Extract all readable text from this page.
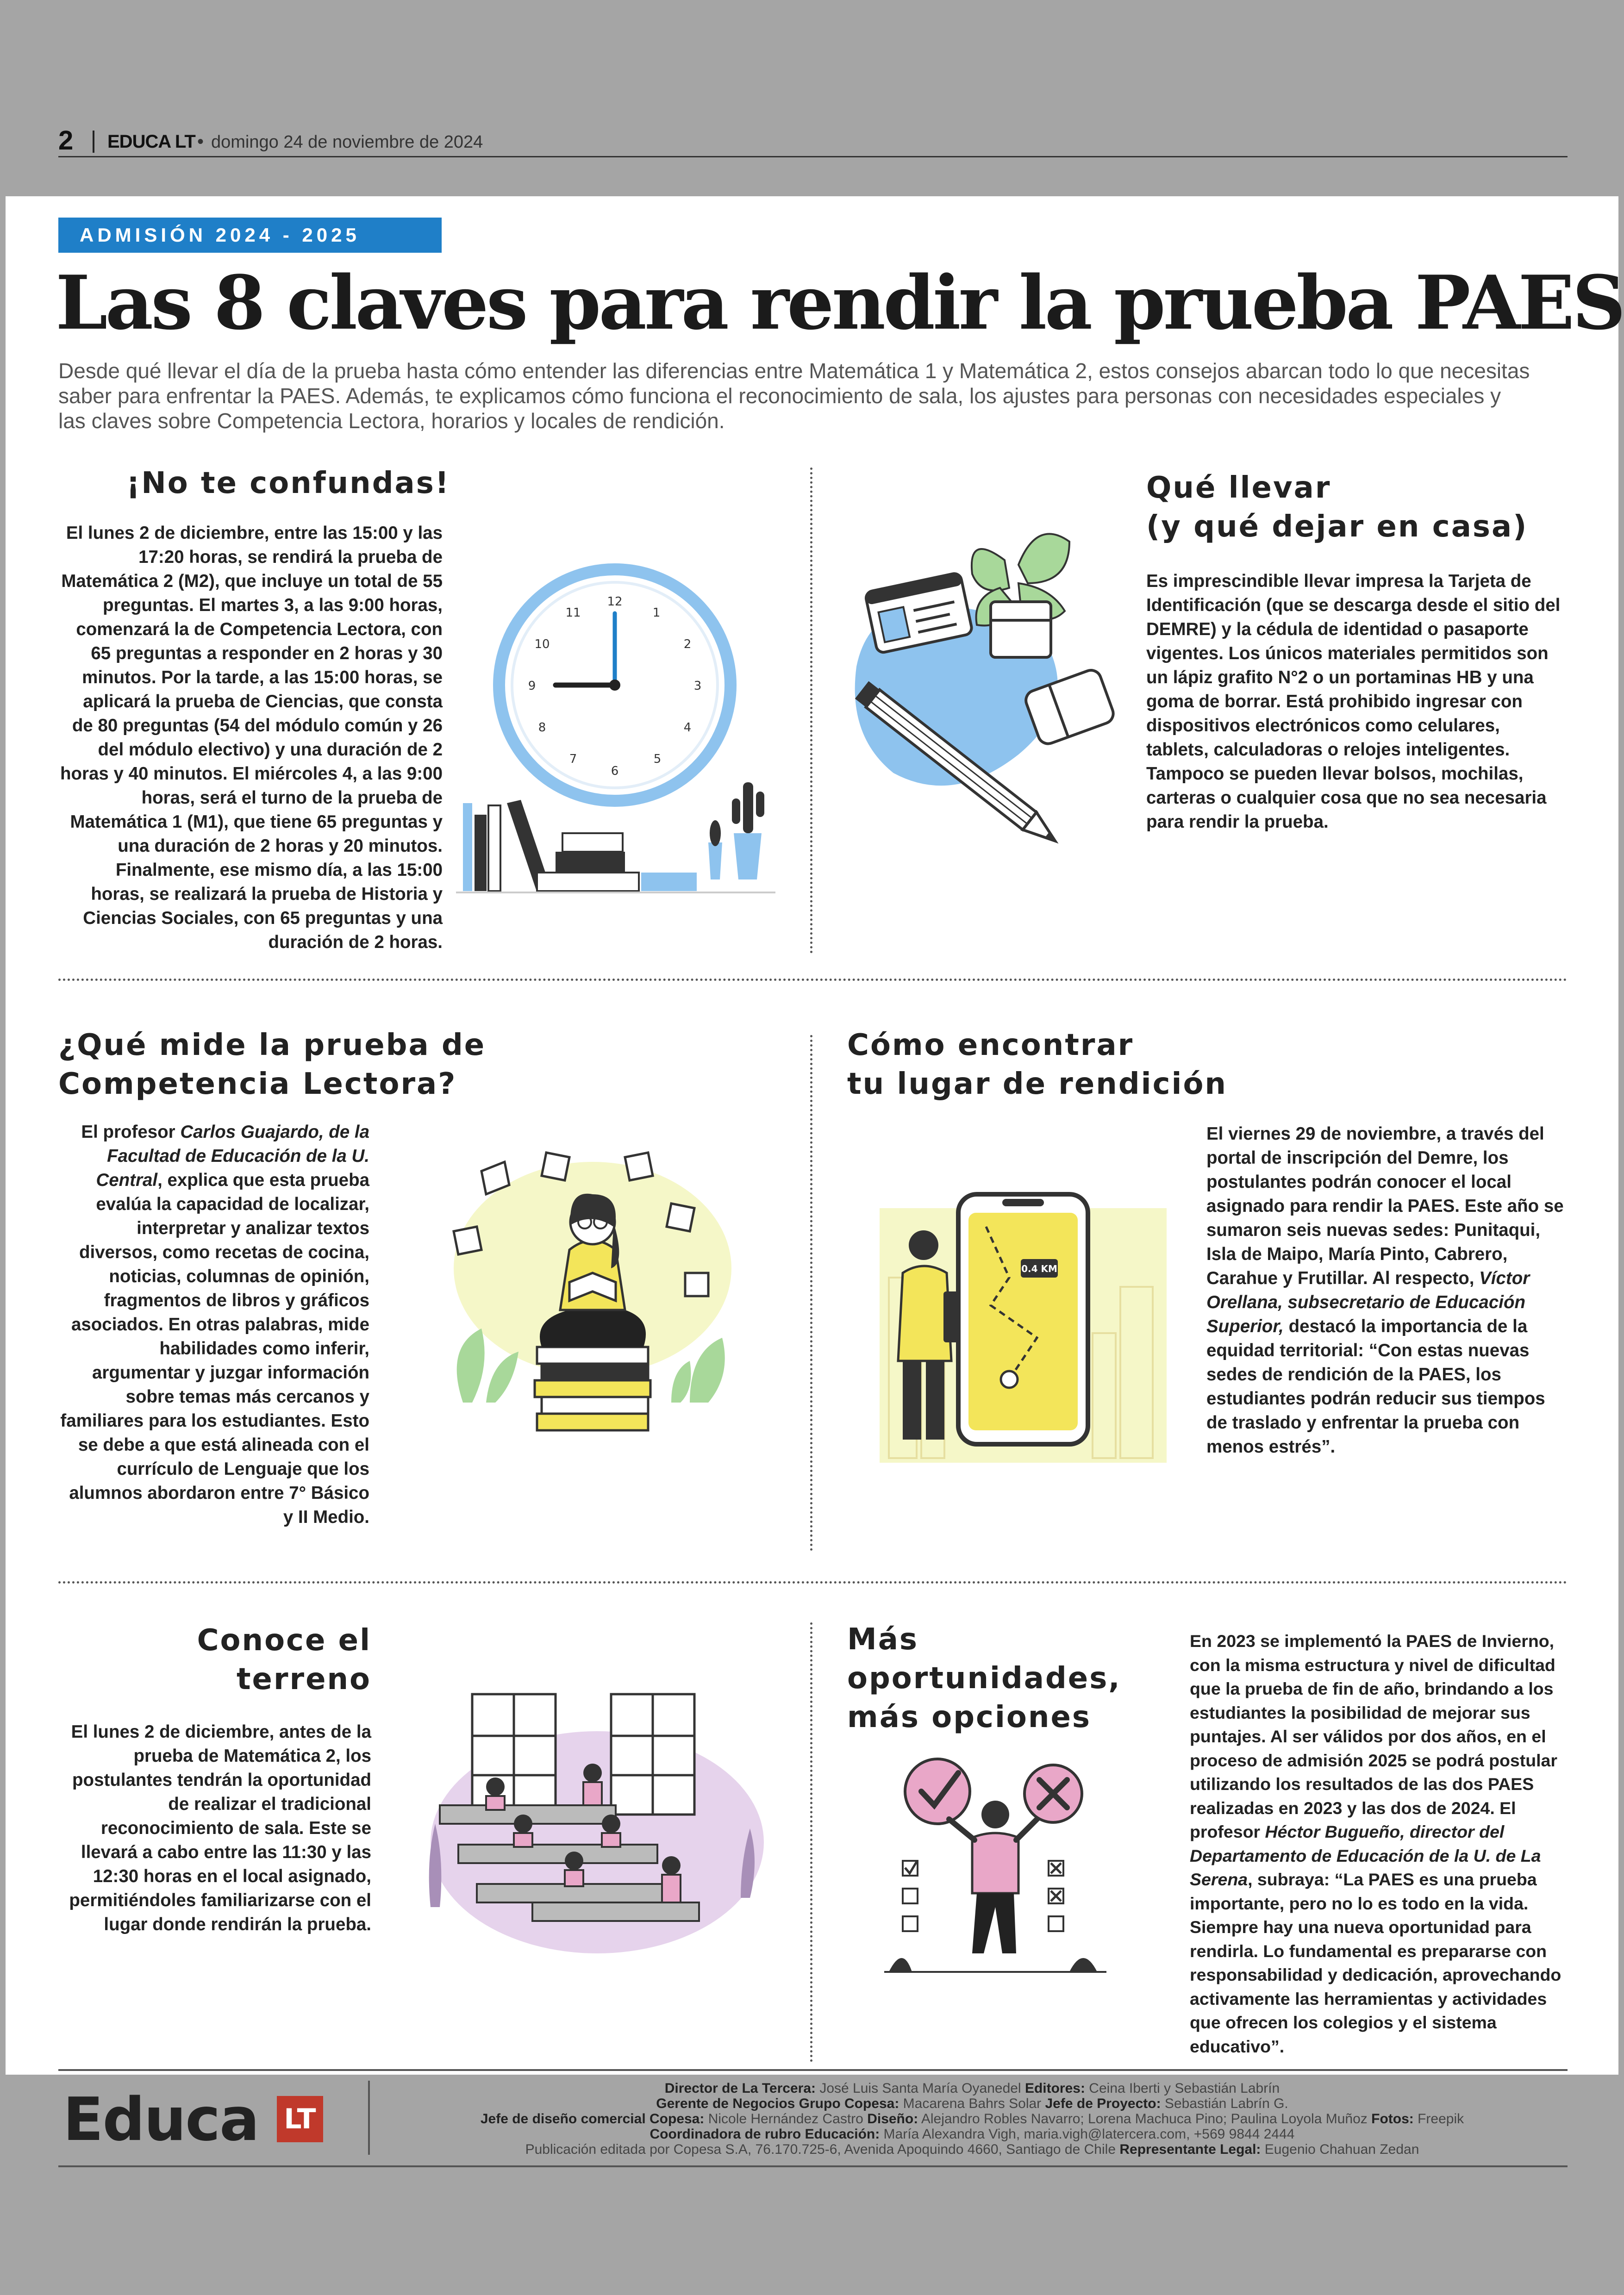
2 EDUCA LT • domingo 24 de noviembre de 2024
ADMISIÓN 2024 - 2025
Las 8 claves para rendir la prueba PAES
Desde qué llevar el día de la prueba hasta cómo entender las diferencias entre Matemática 1 y Matemática 2, estos consejos abarcan todo lo que necesitas saber para enfrentar la PAES. Además, te explicamos cómo funciona el reconocimiento de sala, los ajustes para personas con necesidades especiales y las claves sobre Competencia Lectora, horarios y locales de rendición.
¡No te confundas!
El lunes 2 de diciembre, entre las 15:00 y las 17:20 horas, se rendirá la prueba de Matemática 2 (M2), que incluye un total de 55 preguntas. El martes 3, a las 9:00 horas, comenzará la de Competencia Lectora, con 65 preguntas a responder en 2 horas y 30 minutos. Por la tarde, a las 15:00 horas, se aplicará la prueba de Ciencias, que consta de 80 preguntas (54 del módulo común y 26 del módulo electivo) y una duración de 2 horas y 40 minutos. El miércoles 4, a las 9:00 horas, será el turno de la prueba de Matemática 1 (M1), que tiene 65 preguntas y una duración de 2 horas y 20 minutos. Finalmente, ese mismo día, a las 15:00 horas, se realizará la prueba de Historia y Ciencias Sociales, con 65 preguntas y una duración de 2 horas.
12
1
2
3
4
5
6
7
8
9
10
11
Qué llevar
(y qué dejar en casa)
Es imprescindible llevar impresa la Tarjeta de Identificación (que se descarga desde el sitio del DEMRE) y la cédula de identidad o pasaporte vigentes. Los únicos materiales permitidos son un lápiz grafito N°2 o un portaminas HB y una goma de borrar. Está prohibido ingresar con dispositivos electrónicos como celulares, tablets, calculadoras o relojes inteligentes. Tampoco se pueden llevar bolsos, mochilas, carteras o cualquier cosa que no sea necesaria para rendir la prueba.
¿Qué mide la prueba de
Competencia Lectora?
El profesor Carlos Guajardo, de la Facultad de Educación de la U. Central, explica que esta prueba evalúa la capacidad de localizar, interpretar y analizar textos diversos, como recetas de cocina, noticias, columnas de opinión, fragmentos de libros y gráficos asociados. En otras palabras, mide habilidades como inferir, argumentar y juzgar información sobre temas más cercanos y familiares para los estudiantes. Esto se debe a que está alineada con el currículo de Lenguaje que los alumnos abordaron entre 7° Básico y II Medio.
Cómo encontrar
tu lugar de rendición
0.4 KM
El viernes 29 de noviembre, a través del portal de inscripción del Demre, los postulantes podrán conocer el local asignado para rendir la PAES. Este año se sumaron seis nuevas sedes: Punitaqui, Isla de Maipo, María Pinto, Cabrero, Carahue y Frutillar. Al respecto, Víctor Orellana, subsecretario de Educación Superior, destacó la importancia de la equidad territorial: “Con estas nuevas sedes de rendición de la PAES, los estudiantes podrán reducir sus tiempos de traslado y enfrentar la prueba con menos estrés”.
Conoce el
terreno
El lunes 2 de diciembre, antes de la prueba de Matemática 2, los postulantes tendrán la oportunidad de realizar el tradicional reconocimiento de sala. Este se llevará a cabo entre las 11:30 y las 12:30 horas en el local asignado, permitiéndoles familiarizarse con el lugar donde rendirán la prueba.
Más oportunidades,
más opciones
En 2023 se implementó la PAES de Invierno, con la misma estructura y nivel de dificultad que la prueba de fin de año, brindando a los estudiantes la posibilidad de mejorar sus puntajes. Al ser válidos por dos años, en el proceso de admisión 2025 se podrá postular utilizando los resultados de las dos PAES realizadas en 2023 y las dos de 2024. El profesor Héctor Bugueño, director del Departamento de Educación de la U. de La Serena, subraya: “La PAES es una prueba importante, pero no lo es todo en la vida. Siempre hay una nueva oportunidad para rendirla. Lo fundamental es prepararse con responsabilidad y dedicación, aprovechando activamente las herramientas y actividades que ofrecen los colegios y el sistema educativo”.
Educa LT
Director de La Tercera: José Luis Santa María Oyanedel Editores: Ceina Iberti y Sebastián Labrín
Gerente de Negocios Grupo Copesa: Macarena Bahrs Solar Jefe de Proyecto: Sebastián Labrín G.
Jefe de diseño comercial Copesa: Nicole Hernández Castro Diseño: Alejandro Robles Navarro; Lorena Machuca Pino; Paulina Loyola Muñoz Fotos: Freepik
Coordinadora de rubro Educación: María Alexandra Vigh, maria.vigh@latercera.com, +569 9844 2444
Publicación editada por Copesa S.A, 76.170.725-6, Avenida Apoquindo 4660, Santiago de Chile Representante Legal: Eugenio Chahuan Zedan
